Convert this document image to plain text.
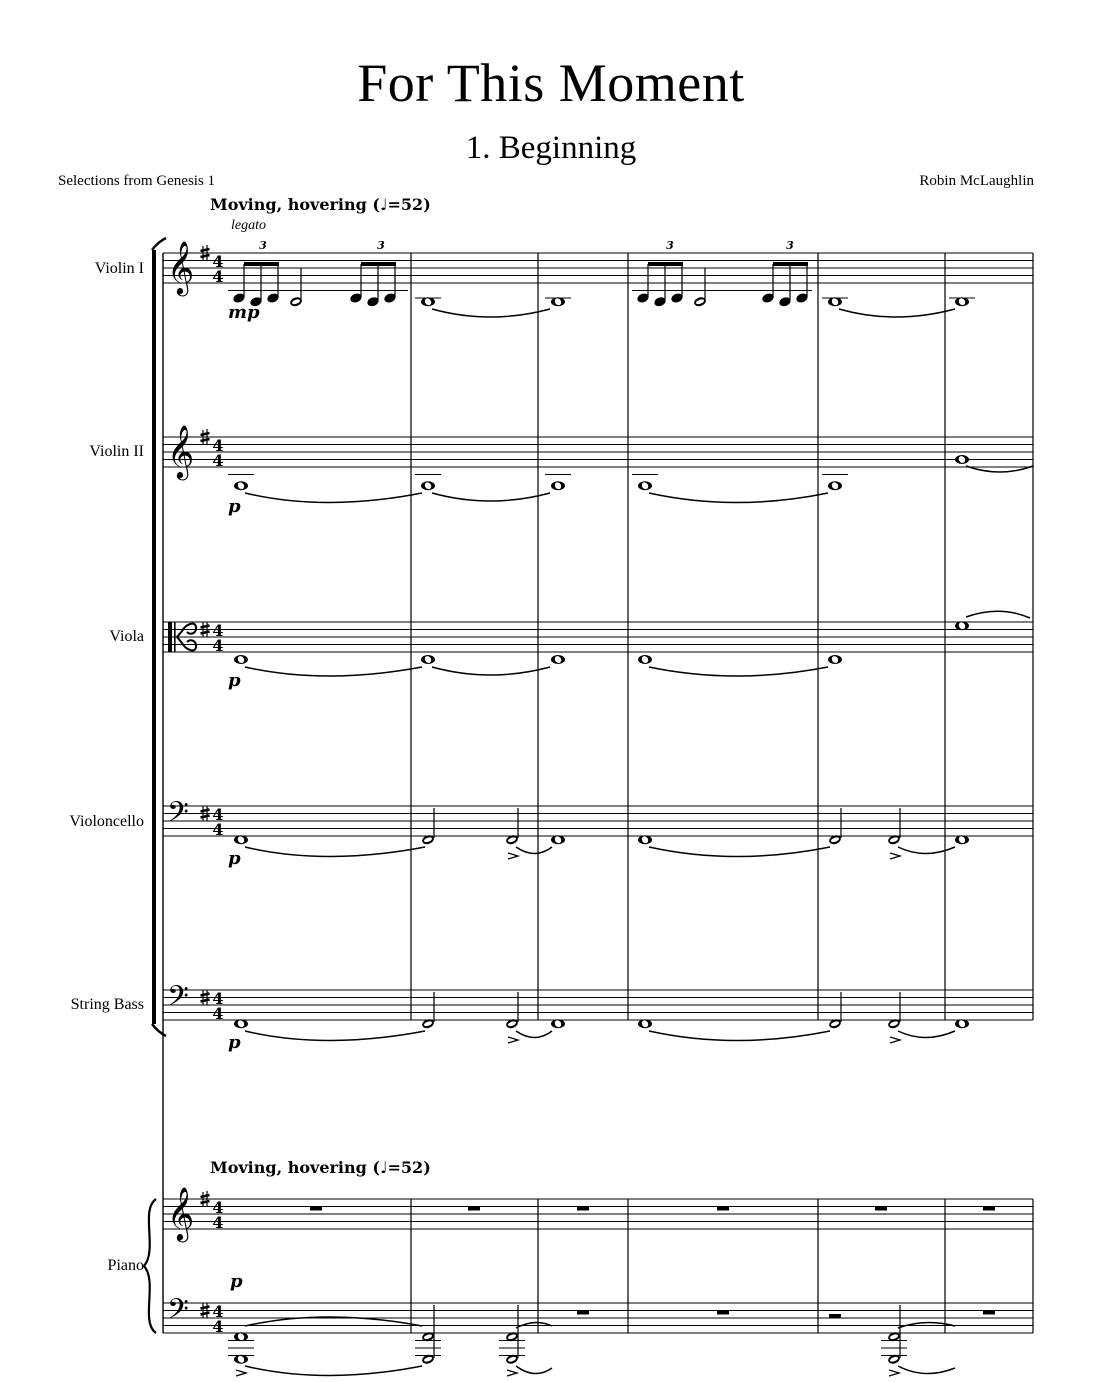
For This Moment
1. Beginning
Selections from Genesis 1	Robin McLaughlin
Moving, hovering (♩=52)
legato
Moving, hovering (♩=52)
Violin I
Violin II
Viola
Violoncello
String Bass
Piano
𝄞
𝄞
𝄞
𝄢
𝄢
𝄢
4
4
4
4
4
4
4
4
4
4
4
4
4
4
3	3	3	3
mp
p
p
p
p
p
